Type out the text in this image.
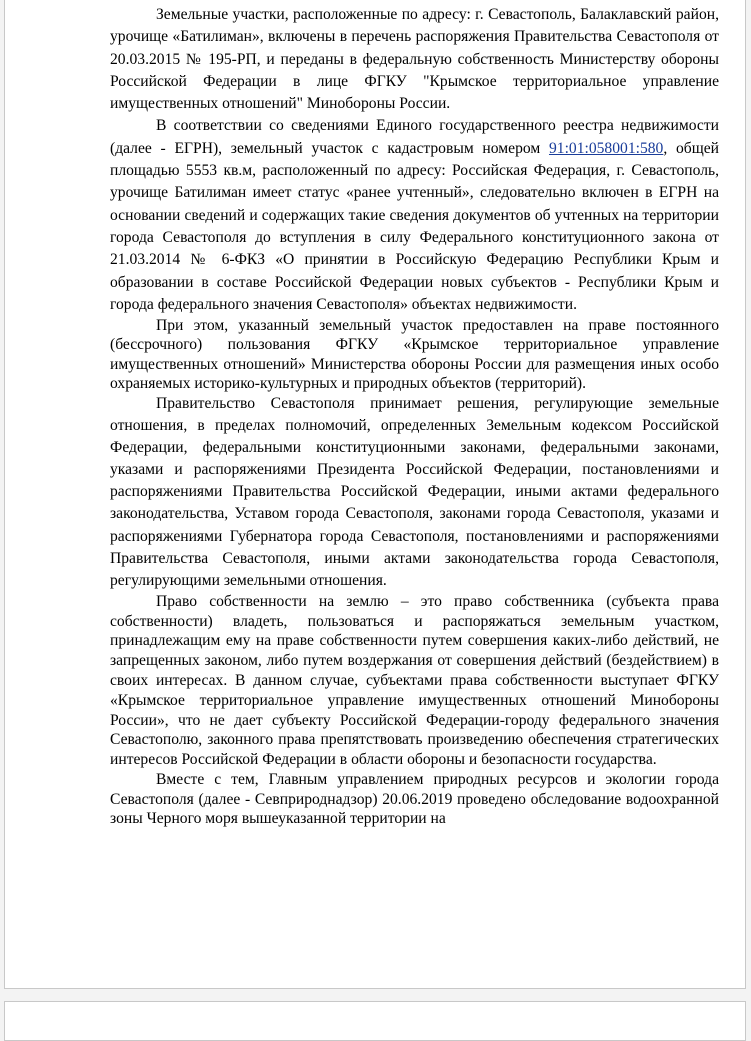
Земельные участки, расположенные по адресу: г. Севастополь, Балаклавский район, урочище «Батилиман», включены в перечень распоряжения Правительства Севастополя от 20.03.2015 № 195-РП, и переданы в федеральную собственность Министерству обороны Российской Федерации в лице ФГКУ "Крымское территориальное управление имущественных отношений" Минобороны России.

В соответствии со сведениями Единого государственного реестра недвижимости (далее - ЕГРН), земельный участок с кадастровым номером 91:01:058001:580, общей площадью 5553 кв.м, расположенный по адресу: Российская Федерация, г. Севастополь, урочище Батилиман имеет статус «ранее учтенный», следовательно включен в ЕГРН на основании сведений и содержащих такие сведения документов об учтенных на территории города Севастополя до вступления в силу Федерального конституционного закона от 21.03.2014 № 6-ФКЗ «О принятии в Российскую Федерацию Республики Крым и образовании в составе Российской Федерации новых субъектов - Республики Крым и города федерального значения Севастополя» объектах недвижимости.

При этом, указанный земельный участок предоставлен на праве постоянного (бессрочного) пользования ФГКУ «Крымское территориальное управление имущественных отношений» Министерства обороны России для размещения иных особо охраняемых историко-культурных и природных объектов (территорий).

Правительство Севастополя принимает решения, регулирующие земельные отношения, в пределах полномочий, определенных Земельным кодексом Российской Федерации, федеральными конституционными законами, федеральными законами, указами и распоряжениями Президента Российской Федерации, постановлениями и распоряжениями Правительства Российской Федерации, иными актами федерального законодательства, Уставом города Севастополя, законами города Севастополя, указами и распоряжениями Губернатора города Севастополя, постановлениями и распоряжениями Правительства Севастополя, иными актами законодательства города Севастополя, регулирующими земельными отношения.

Право собственности на землю – это право собственника (субъекта права собственности) владеть, пользоваться и распоряжаться земельным участком, принадлежащим ему на праве собственности путем совершения каких-либо действий, не запрещенных законом, либо путем воздержания от совершения действий (бездействием) в своих интересах. В данном случае, субъектами права собственности выступает ФГКУ «Крымское территориальное управление имущественных отношений Минобороны России», что не дает субъекту Российской Федерации-городу федерального значения Севастополю, законного права препятствовать произведению обеспечения стратегических интересов Российской Федерации в области обороны и безопасности государства.

Вместе с тем, Главным управлением природных ресурсов и экологии города Севастополя (далее - Севприроднадзор) 20.06.2019 проведено обследование водоохранной зоны Черного моря вышеуказанной территории на
